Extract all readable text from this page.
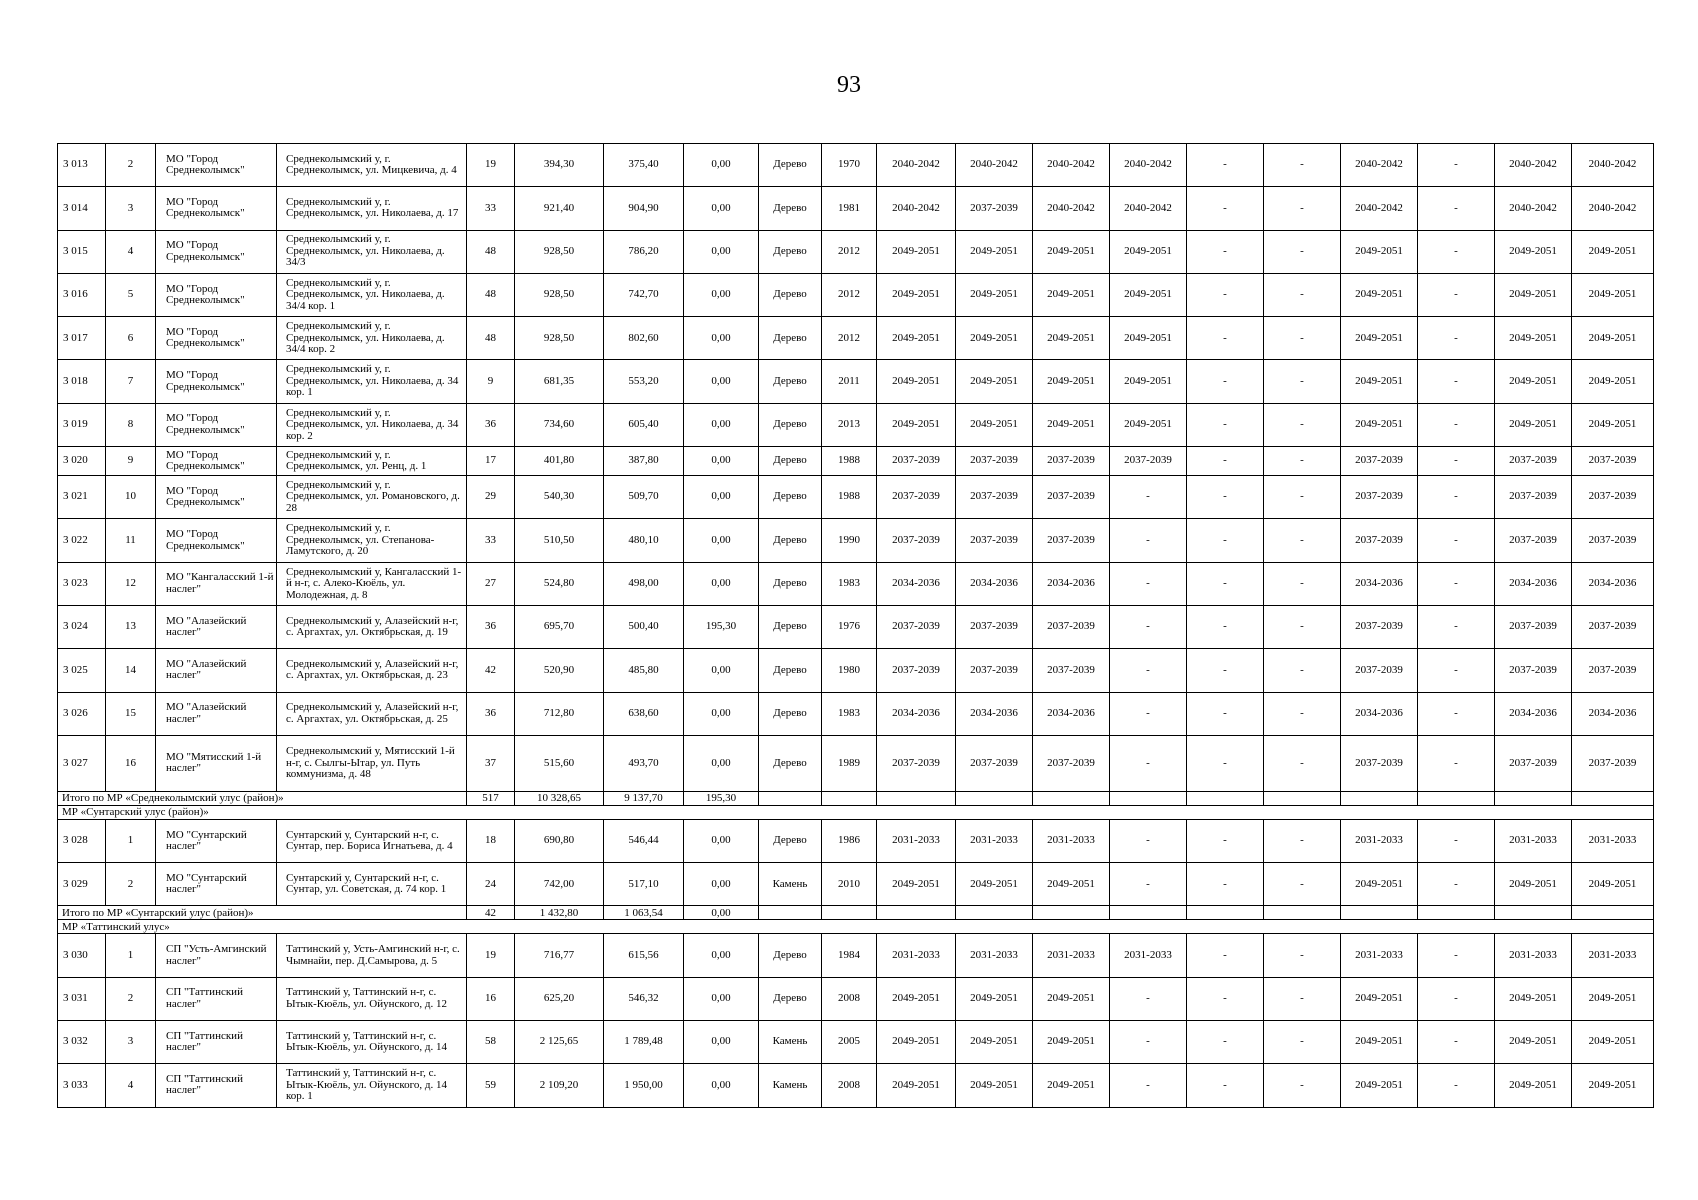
93
3 013	2	МО "Город Среднеколымск"	Среднеколымский у, г. Среднеколымск, ул. Мицкевича, д. 4	19	394,30	375,40	0,00	Дерево	1970	2040-2042	2040-2042	2040-2042	2040-2042	-	-	2040-2042	-	2040-2042	2040-2042
3 014	3	МО "Город Среднеколымск"	Среднеколымский у, г. Среднеколымск, ул. Николаева, д. 17	33	921,40	904,90	0,00	Дерево	1981	2040-2042	2037-2039	2040-2042	2040-2042	-	-	2040-2042	-	2040-2042	2040-2042
3 015	4	МО "Город Среднеколымск"	Среднеколымский у, г. Среднеколымск, ул. Николаева, д. 34/3	48	928,50	786,20	0,00	Дерево	2012	2049-2051	2049-2051	2049-2051	2049-2051	-	-	2049-2051	-	2049-2051	2049-2051
3 016	5	МО "Город Среднеколымск"	Среднеколымский у, г. Среднеколымск, ул. Николаева, д. 34/4 кор. 1	48	928,50	742,70	0,00	Дерево	2012	2049-2051	2049-2051	2049-2051	2049-2051	-	-	2049-2051	-	2049-2051	2049-2051
3 017	6	МО "Город Среднеколымск"	Среднеколымский у, г. Среднеколымск, ул. Николаева, д. 34/4 кор. 2	48	928,50	802,60	0,00	Дерево	2012	2049-2051	2049-2051	2049-2051	2049-2051	-	-	2049-2051	-	2049-2051	2049-2051
3 018	7	МО "Город Среднеколымск"	Среднеколымский у, г. Среднеколымск, ул. Николаева, д. 34 кор. 1	9	681,35	553,20	0,00	Дерево	2011	2049-2051	2049-2051	2049-2051	2049-2051	-	-	2049-2051	-	2049-2051	2049-2051
3 019	8	МО "Город Среднеколымск"	Среднеколымский у, г. Среднеколымск, ул. Николаева, д. 34 кор. 2	36	734,60	605,40	0,00	Дерево	2013	2049-2051	2049-2051	2049-2051	2049-2051	-	-	2049-2051	-	2049-2051	2049-2051
3 020	9	МО "Город Среднеколымск"	Среднеколымский у, г. Среднеколымск, ул. Ренц, д. 1	17	401,80	387,80	0,00	Дерево	1988	2037-2039	2037-2039	2037-2039	2037-2039	-	-	2037-2039	-	2037-2039	2037-2039
3 021	10	МО "Город Среднеколымск"	Среднеколымский у, г. Среднеколымск, ул. Романовского, д. 28	29	540,30	509,70	0,00	Дерево	1988	2037-2039	2037-2039	2037-2039	-	-	-	2037-2039	-	2037-2039	2037-2039
3 022	11	МО "Город Среднеколымск"	Среднеколымский у, г. Среднеколымск, ул. Степанова-Ламутского, д. 20	33	510,50	480,10	0,00	Дерево	1990	2037-2039	2037-2039	2037-2039	-	-	-	2037-2039	-	2037-2039	2037-2039
3 023	12	МО "Кангаласский 1-й наслег"	Среднеколымский у, Кангаласский 1-й н-г, с. Алеко-Кюёль, ул. Молодежная, д. 8	27	524,80	498,00	0,00	Дерево	1983	2034-2036	2034-2036	2034-2036	-	-	-	2034-2036	-	2034-2036	2034-2036
3 024	13	МО "Алазейский наслег"	Среднеколымский у, Алазейский н-г, с. Аргахтах, ул. Октябрьская, д. 19	36	695,70	500,40	195,30	Дерево	1976	2037-2039	2037-2039	2037-2039	-	-	-	2037-2039	-	2037-2039	2037-2039
3 025	14	МО "Алазейский наслег"	Среднеколымский у, Алазейский н-г, с. Аргахтах, ул. Октябрьская, д. 23	42	520,90	485,80	0,00	Дерево	1980	2037-2039	2037-2039	2037-2039	-	-	-	2037-2039	-	2037-2039	2037-2039
3 026	15	МО "Алазейский наслег"	Среднеколымский у, Алазейский н-г, с. Аргахтах, ул. Октябрьская, д. 25	36	712,80	638,60	0,00	Дерево	1983	2034-2036	2034-2036	2034-2036	-	-	-	2034-2036	-	2034-2036	2034-2036
3 027	16	МО "Мятисский 1-й наслег"	Среднеколымский у, Мятисский 1-й н-г, с. Сылгы-Ытар, ул. Путь коммунизма, д. 48	37	515,60	493,70	0,00	Дерево	1989	2037-2039	2037-2039	2037-2039	-	-	-	2037-2039	-	2037-2039	2037-2039
Итого по МР «Среднеколымский улус (район)»				517	10 328,65	9 137,70	195,30												
МР «Сунтарский улус (район)»																			
3 028	1	МО "Сунтарский наслег"	Сунтарский у, Сунтарский н-г, с. Сунтар, пер. Бориса Игнатьева, д. 4	18	690,80	546,44	0,00	Дерево	1986	2031-2033	2031-2033	2031-2033	-	-	-	2031-2033	-	2031-2033	2031-2033
3 029	2	МО "Сунтарский наслег"	Сунтарский у, Сунтарский н-г, с. Сунтар, ул. Советская, д. 74 кор. 1	24	742,00	517,10	0,00	Камень	2010	2049-2051	2049-2051	2049-2051	-	-	-	2049-2051	-	2049-2051	2049-2051
Итого по МР «Сунтарский улус (район)»				42	1 432,80	1 063,54	0,00												
МР «Таттинский улус»																			
3 030	1	СП "Усть-Амгинский наслег"	Таттинский у, Усть-Амгинский н-г, с. Чымнайи, пер. Д.Самырова, д. 5	19	716,77	615,56	0,00	Дерево	1984	2031-2033	2031-2033	2031-2033	2031-2033	-	-	2031-2033	-	2031-2033	2031-2033
3 031	2	СП "Таттинский наслег"	Таттинский у, Таттинский н-г, с. Ытык-Кюёль, ул. Ойунского, д. 12	16	625,20	546,32	0,00	Дерево	2008	2049-2051	2049-2051	2049-2051	-	-	-	2049-2051	-	2049-2051	2049-2051
3 032	3	СП "Таттинский наслег"	Таттинский у, Таттинский н-г, с. Ытык-Кюёль, ул. Ойунского, д. 14	58	2 125,65	1 789,48	0,00	Камень	2005	2049-2051	2049-2051	2049-2051	-	-	-	2049-2051	-	2049-2051	2049-2051
3 033	4	СП "Таттинский наслег"	Таттинский у, Таттинский н-г, с. Ытык-Кюёль, ул. Ойунского, д. 14 кор. 1	59	2 109,20	1 950,00	0,00	Камень	2008	2049-2051	2049-2051	2049-2051	-	-	-	2049-2051	-	2049-2051	2049-2051
